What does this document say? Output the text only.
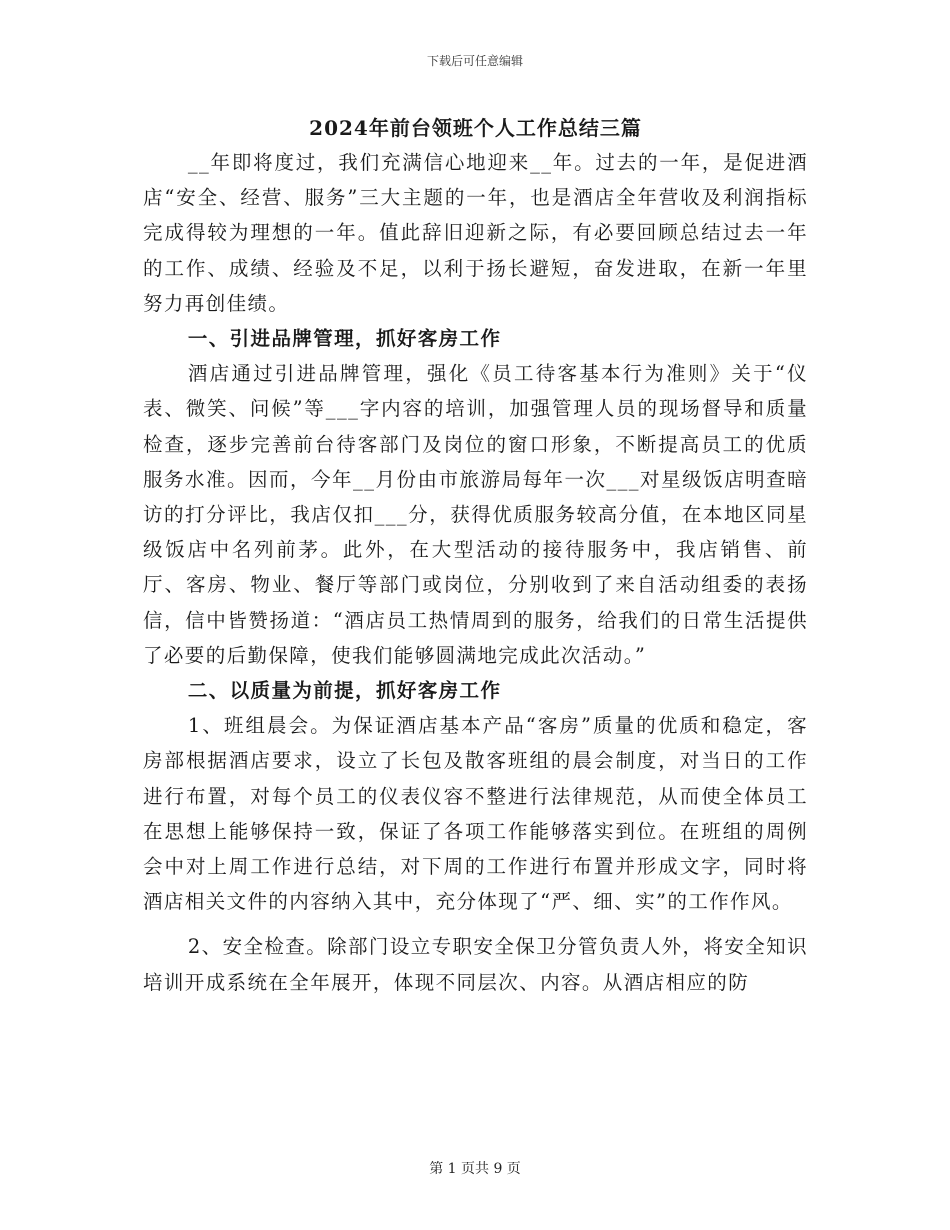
下载后可任意编辑
2024年前台领班个人工作总结三篇

__年即将度过，我们充满信心地迎来__年。过去的一年，是促进酒店“安全、经营、服务”三大主题的一年，也是酒店全年营收及利润指标完成得较为理想的一年。值此辞旧迎新之际，有必要回顾总结过去一年的工作、成绩、经验及不足，以利于扬长避短，奋发进取，在新一年里努力再创佳绩。

一、引进品牌管理，抓好客房工作

酒店通过引进品牌管理，强化《员工待客基本行为准则》关于“仪表、微笑、问候”等___字内容的培训，加强管理人员的现场督导和质量检查，逐步完善前台待客部门及岗位的窗口形象，不断提高员工的优质服务水准。因而，今年__月份由市旅游局每年一次___对星级饭店明查暗访的打分评比，我店仅扣___分，获得优质服务较高分值，在本地区同星级饭店中名列前茅。此外，在大型活动的接待服务中，我店销售、前厅、客房、物业、餐厅等部门或岗位，分别收到了来自活动组委的表扬信，信中皆赞扬道：“酒店员工热情周到的服务，给我们的日常生活提供了必要的后勤保障，使我们能够圆满地完成此次活动。”

二、以质量为前提，抓好客房工作

1、班组晨会。为保证酒店基本产品“客房”质量的优质和稳定，客房部根据酒店要求，设立了长包及散客班组的晨会制度，对当日的工作进行布置，对每个员工的仪表仪容不整进行法律规范，从而使全体员工在思想上能够保持一致，保证了各项工作能够落实到位。在班组的周例会中对上周工作进行总结，对下周的工作进行布置并形成文字，同时将酒店相关文件的内容纳入其中，充分体现了“严、细、实”的工作作风。

2、安全检查。除部门设立专职安全保卫分管负责人外，将安全知识培训开成系统在全年展开，体现不同层次、内容。从酒店相应的防

第 1 页共 9 页
